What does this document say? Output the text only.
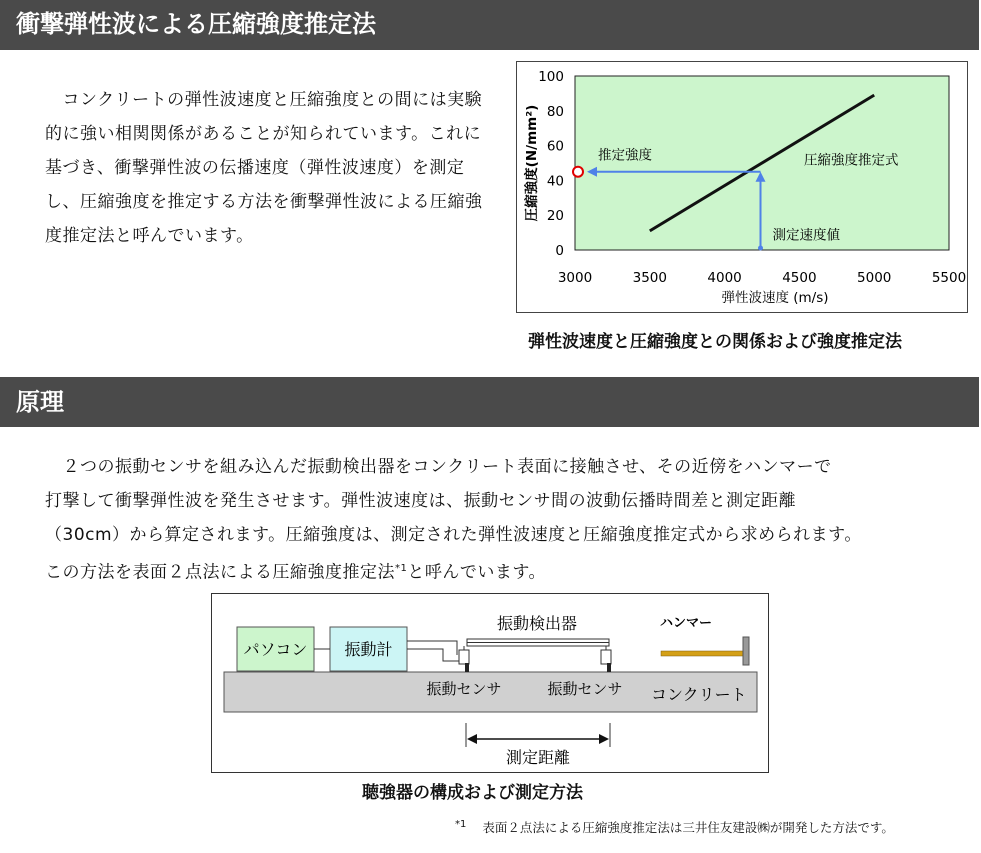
衝撃弾性波による圧縮強度推定法
　コンクリートの弾性波速度と圧縮強度との間には実験的に強い相関関係があることが知られています。これに基づき、衝撃弾性波の伝播速度（弾性波速度）を測定し、圧縮強度を推定する方法を衝撃弾性波による圧縮強度推定法と呼んでいます。
0
20
40
60
80
100
3000	3500	4000	4500	5000	5500
推定強度	圧縮強度推定式
測定速度値
圧縮強度(N/mm²)
弾性波速度 (m/s)
弾性波速度と圧縮強度との関係および強度推定法
原理
　２つの振動センサを組み込んだ振動検出器をコンクリート表面に接触させ、その近傍をハンマーで
打撃して衝撃弾性波を発生させます。弾性波速度は、振動センサ間の波動伝播時間差と測定距離
（30cm）から算定されます。圧縮強度は、測定された弾性波速度と圧縮強度推定式から求められます。
この方法を表面２点法による圧縮強度推定法$^{*1}$と呼んでいます。
コンクリート
パソコン 振動計
振動検出器	ハンマー
振動センサ	振動センサ
測定距離
聴強器の構成および測定方法
$^{*1}$ 表面２点法による圧縮強度推定法は三井住友建設㈱が開発した方法です。
